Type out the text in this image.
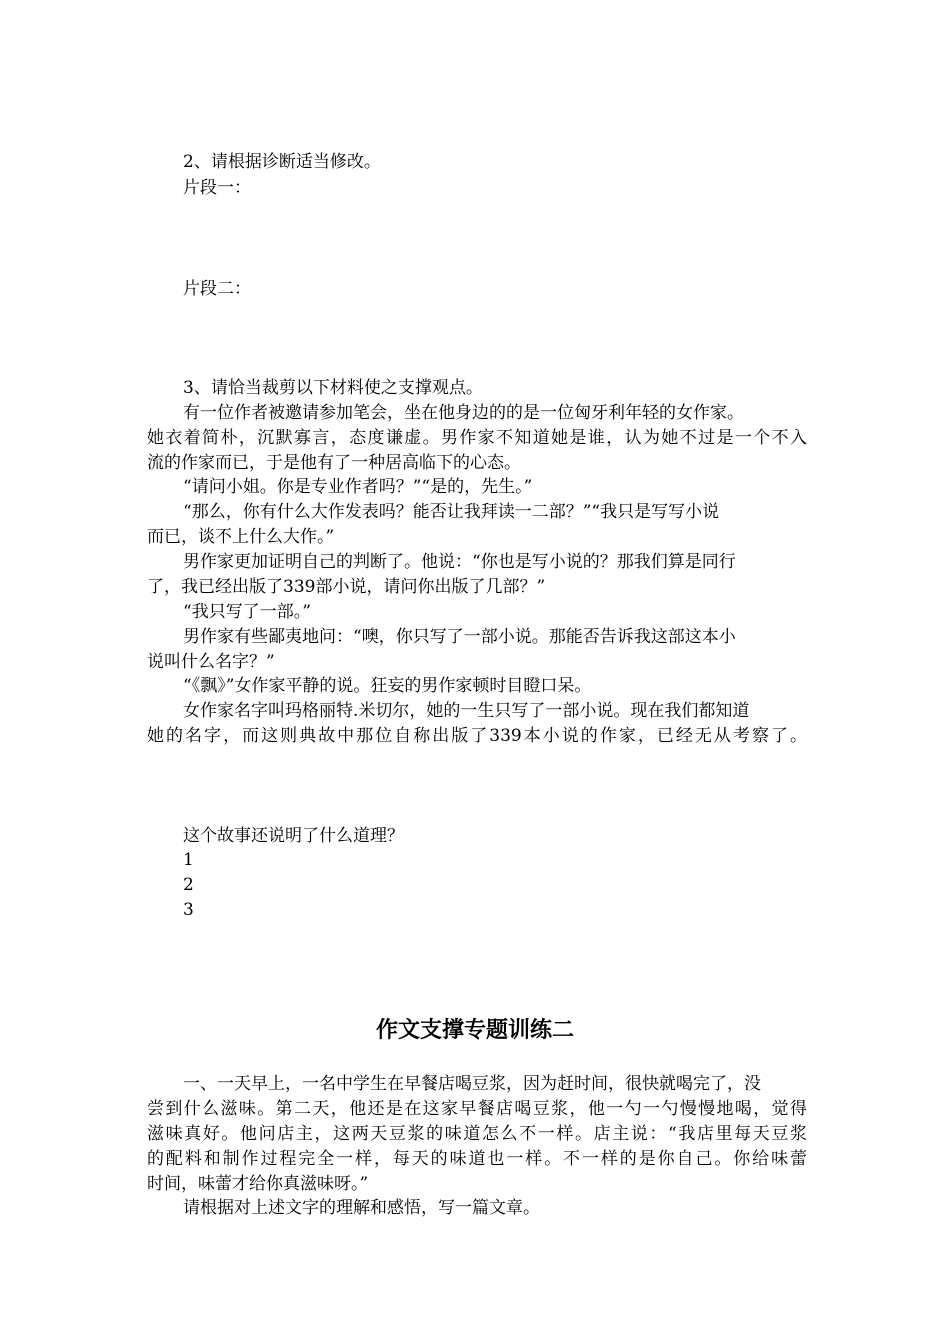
2、请根据诊断适当修改。
片段一：
片段二：
3、请恰当裁剪以下材料使之支撑观点。
有一位作者被邀请参加笔会，坐在他身边的的是一位匈牙利年轻的女作家。
她衣着简朴，沉默寡言，态度谦虚。男作家不知道她是谁，认为她不过是一个不入
流的作家而已，于是他有了一种居高临下的心态。
“请问小姐。你是专业作者吗？”“是的，先生。”
“那么，你有什么大作发表吗？能否让我拜读一二部？”“我只是写写小说
而已，谈不上什么大作。”
男作家更加证明自己的判断了。他说：“你也是写小说的？那我们算是同行
了，我已经出版了339部小说，请问你出版了几部？”
“我只写了一部。”
男作家有些鄙夷地问：“噢，你只写了一部小说。那能否告诉我这部这本小
说叫什么名字？”
“《飘》”女作家平静的说。狂妄的男作家顿时目瞪口呆。
女作家名字叫玛格丽特.米切尔，她的一生只写了一部小说。现在我们都知道
她的名字，而这则典故中那位自称出版了339本小说的作家，已经无从考察了。
这个故事还说明了什么道理？
1
2
3
作文支撑专题训练二
一、一天早上，一名中学生在早餐店喝豆浆，因为赶时间，很快就喝完了，没
尝到什么滋味。第二天，他还是在这家早餐店喝豆浆，他一勺一勺慢慢地喝，觉得
滋味真好。他问店主，这两天豆浆的味道怎么不一样。店主说：“我店里每天豆浆
的配料和制作过程完全一样，每天的味道也一样。不一样的是你自己。你给味蕾
时间，味蕾才给你真滋味呀。”
请根据对上述文字的理解和感悟，写一篇文章。
